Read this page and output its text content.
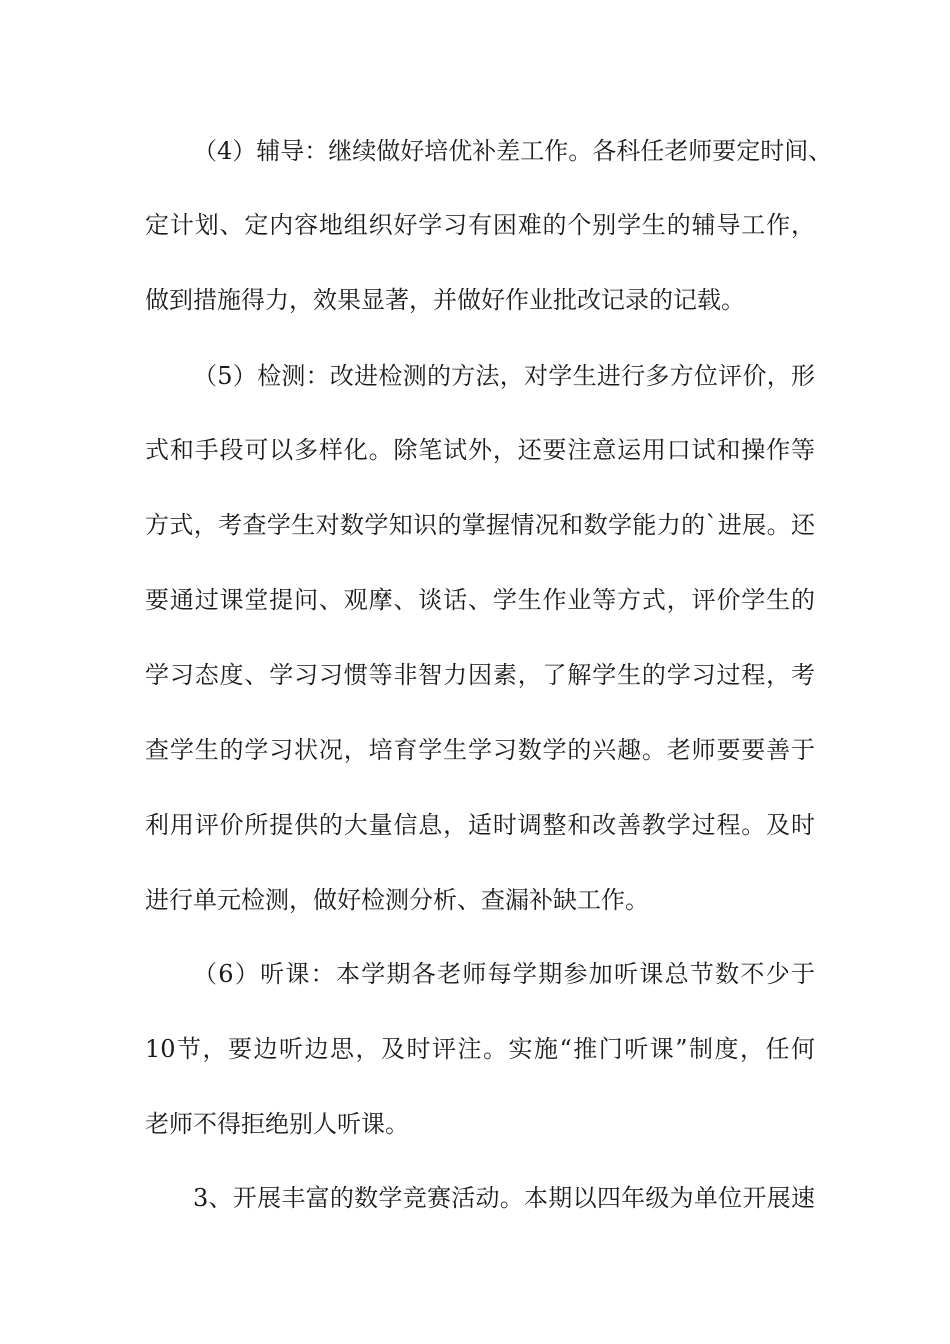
（4）辅导：继续做好培优补差工作。各科任老师要定时间、
定计划、定内容地组织好学习有困难的个别学生的辅导工作，
做到措施得力，效果显著，并做好作业批改记录的记载。
（5）检测：改进检测的方法，对学生进行多方位评价，形
式和手段可以多样化。除笔试外，还要注意运用口试和操作等
方式，考查学生对数学知识的掌握情况和数学能力的`进展。还
要通过课堂提问、观摩、谈话、学生作业等方式，评价学生的
学习态度、学习习惯等非智力因素，了解学生的学习过程，考
查学生的学习状况，培育学生学习数学的兴趣。老师要要善于
利用评价所提供的大量信息，适时调整和改善教学过程。及时
进行单元检测，做好检测分析、查漏补缺工作。
（6）听课：本学期各老师每学期参加听课总节数不少于
10节，要边听边思，及时评注。实施“推门听课”制度，任何
老师不得拒绝别人听课。
3、开展丰富的数学竞赛活动。本期以四年级为单位开展速
